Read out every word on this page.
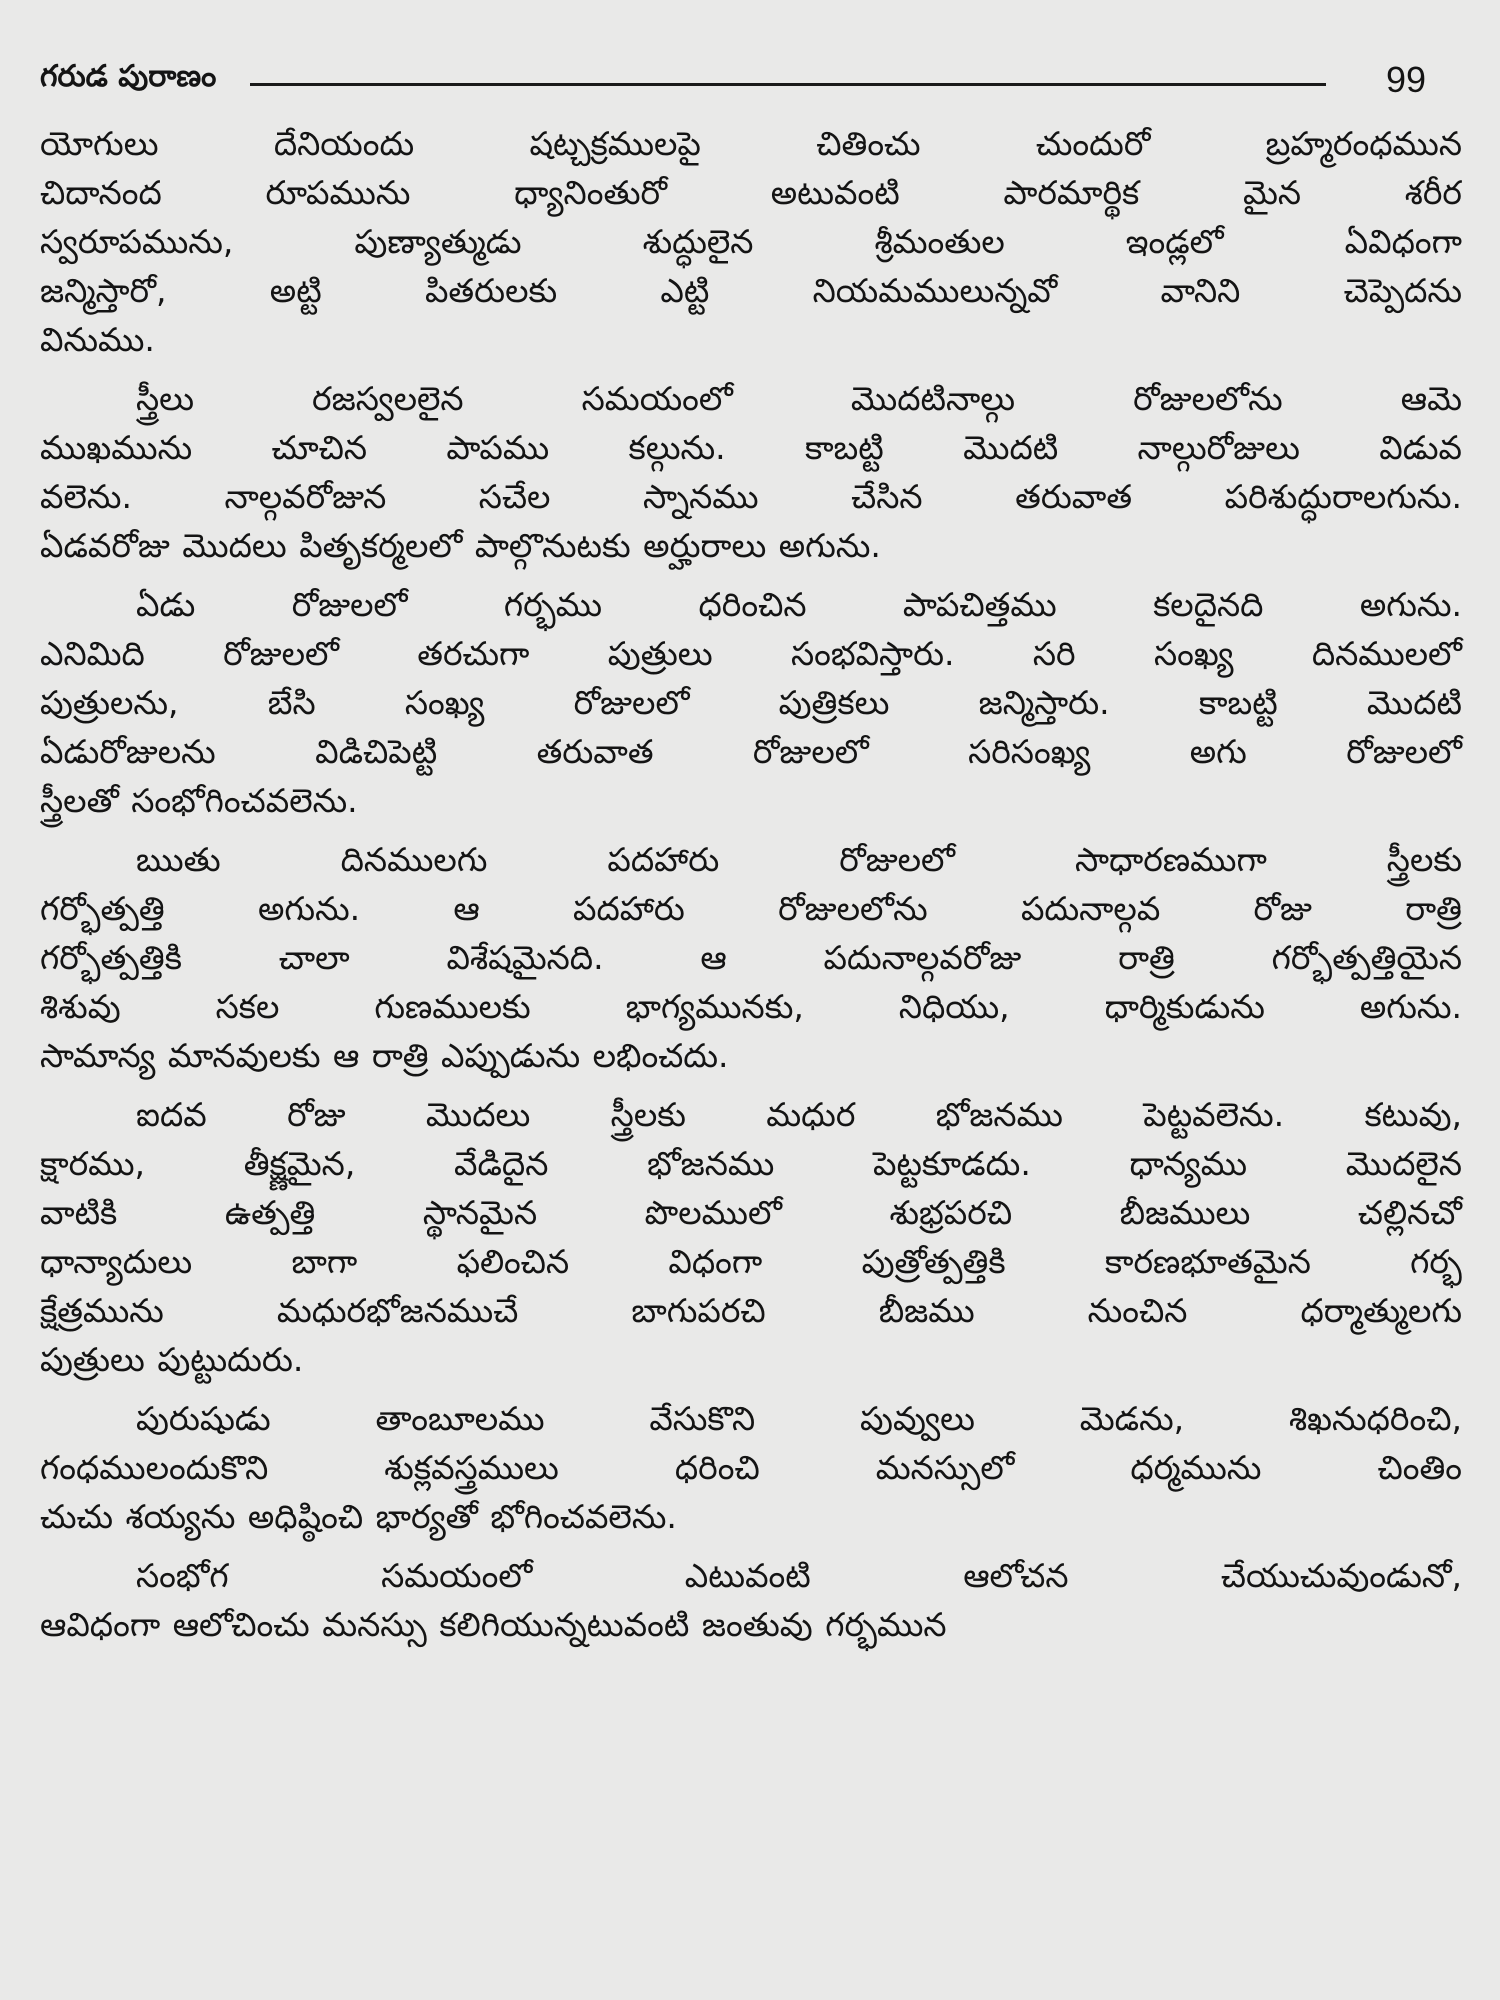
గరుడ పురాణం	99
యోగులు దేనియందు షట్చక్రములపై చితించు చుందురో బ్రహ్మరంధమున
చిదానంద రూపమును ధ్యానింతురో అటువంటి పారమార్థిక మైన శరీర
స్వరూపమును, పుణ్యాత్ముడు శుద్ధులైన శ్రీమంతుల ఇండ్లలో ఏవిధంగా
జన్మిస్తారో, అట్టి పితరులకు ఎట్టి నియమములున్నవో వానిని చెప్పెదను
వినుము.
స్త్రీలు రజస్వలలైన సమయంలో మొదటినాల్గు రోజులలోను ఆమె
ముఖమును చూచిన పాపము కల్గును. కాబట్టి మొదటి నాల్గురోజులు విడువ
వలెను. నాల్గవరోజున సచేల స్నానము చేసిన తరువాత పరిశుద్ధురాలగును.
ఏడవరోజు మొదలు పితృకర్మలలో పాల్గొనుటకు అర్హురాలు అగును.
ఏడు రోజులలో గర్భము ధరించిన పాపచిత్తము కలదైనది అగును.
ఎనిమిది రోజులలో తరచుగా పుత్రులు సంభవిస్తారు. సరి సంఖ్య దినములలో
పుత్రులను, బేసి సంఖ్య రోజులలో పుత్రికలు జన్మిస్తారు. కాబట్టి మొదటి
ఏడురోజులను విడిచిపెట్టి తరువాత రోజులలో సరిసంఖ్య అగు రోజులలో
స్త్రీలతో సంభోగించవలెను.
ఋతు దినములగు పదహారు రోజులలో సాధారణముగా స్త్రీలకు
గర్భోత్పత్తి అగును. ఆ పదహారు రోజులలోను పదునాల్గవ రోజు రాత్రి
గర్భోత్పత్తికి చాలా విశేషమైనది. ఆ పదునాల్గవరోజు రాత్రి గర్భోత్పత్తియైన
శిశువు సకల గుణములకు భాగ్యమునకు, నిధియు, ధార్మికుడును అగును.
సామాన్య మానవులకు ఆ రాత్రి ఎప్పుడును లభించదు.
ఐదవ రోజు మొదలు స్త్రీలకు మధుర భోజనము పెట్టవలెను. కటువు,
క్షారము, తీక్ష్ణమైన, వేడిదైన భోజనము పెట్టకూడదు. ధాన్యము మొదలైన
వాటికి ఉత్పత్తి స్థానమైన పొలములో శుభ్రపరచి బీజములు చల్లినచో
ధాన్యాదులు బాగా ఫలించిన విధంగా పుత్రోత్పత్తికి కారణభూతమైన గర్భ
క్షేత్రమును మధురభోజనముచే బాగుపరచి బీజము నుంచిన ధర్మాత్ములగు
పుత్రులు పుట్టుదురు.
పురుషుడు తాంబూలము వేసుకొని పువ్వులు మెడను, శిఖనుధరించి,
గంధములందుకొని శుక్లవస్త్రములు ధరించి మనస్సులో ధర్మమును చింతిం
చుచు శయ్యను అధిష్ఠించి భార్యతో భోగించవలెను.
సంభోగ సమయంలో ఎటువంటి ఆలోచన చేయుచువుండునో,
ఆవిధంగా ఆలోచించు మనస్సు కలిగియున్నటువంటి జంతువు గర్భమున
